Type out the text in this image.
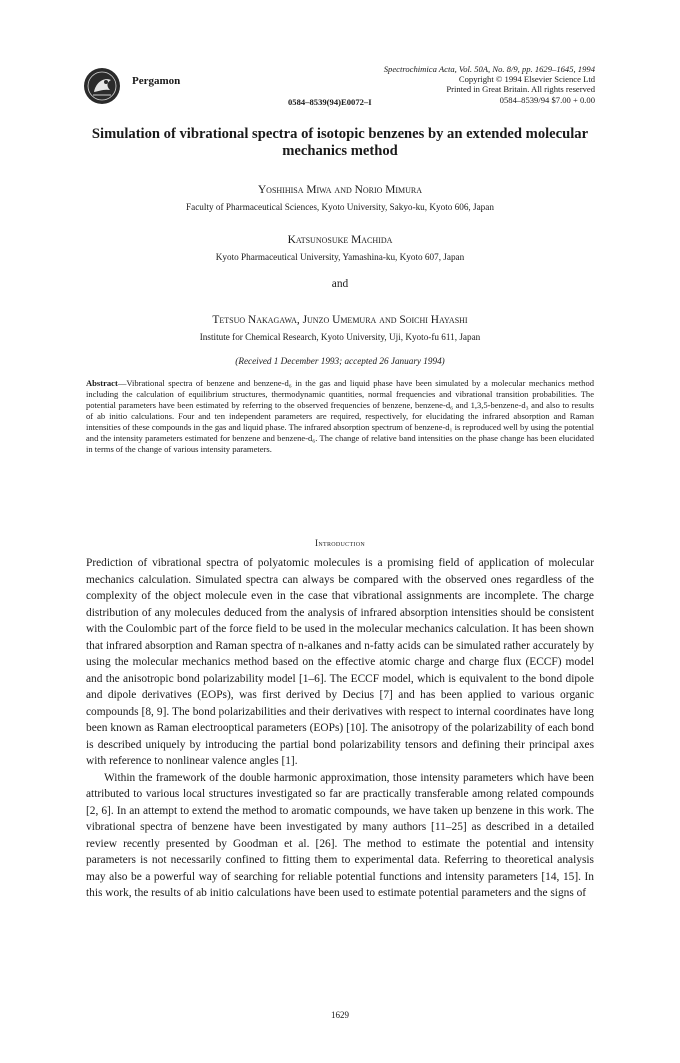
Pergamon
Spectrochimica Acta, Vol. 50A, No. 8/9, pp. 1629–1645, 1994
Copyright © 1994 Elsevier Science Ltd
Printed in Great Britain. All rights reserved
0584–8539/94 $7.00 + 0.00
0584–8539(94)E0072–I
Simulation of vibrational spectra of isotopic benzenes by an extended molecular mechanics method
Yoshihisa Miwa and Norio Mimura
Faculty of Pharmaceutical Sciences, Kyoto University, Sakyo-ku, Kyoto 606, Japan
Katsunosuke Machida
Kyoto Pharmaceutical University, Yamashina-ku, Kyoto 607, Japan
and
Tetsuo Nakagawa, Junzo Umemura and Soichi Hayashi
Institute for Chemical Research, Kyoto University, Uji, Kyoto-fu 611, Japan
(Received 1 December 1993; accepted 26 January 1994)
Abstract—Vibrational spectra of benzene and benzene-d₆ in the gas and liquid phase have been simulated by a molecular mechanics method including the calculation of equilibrium structures, thermodynamic quantities, normal frequencies and vibrational transition probabilities. The potential parameters have been estimated by referring to the observed frequencies of benzene, benzene-d₆ and 1,3,5-benzene-d₃ and also to results of ab initio calculations. Four and ten independent parameters are required, respectively, for elucidating the infrared absorption and Raman intensities of these compounds in the gas and liquid phase. The infrared absorption spectrum of benzene-d₁ is reproduced well by using the potential and the intensity parameters estimated for benzene and benzene-d₆. The change of relative band intensities on the phase change has been elucidated in terms of the change of various intensity parameters.
Introduction

Prediction of vibrational spectra of polyatomic molecules is a promising field of application of molecular mechanics calculation. Simulated spectra can always be compared with the observed ones regardless of the complexity of the object molecule even in the case that vibrational assignments are incomplete. The charge distribution of any molecules deduced from the analysis of infrared absorption intensities should be consistent with the Coulombic part of the force field to be used in the molecular mechanics calculation. It has been shown that infrared absorption and Raman spectra of n-alkanes and n-fatty acids can be simulated rather accurately by using the molecular mechanics method based on the effective atomic charge and charge flux (ECCF) model and the anisotropic bond polarizability model [1–6]. The ECCF model, which is equivalent to the bond dipole and dipole derivatives (EOPs), was first derived by Decius [7] and has been applied to various organic compounds [8, 9]. The bond polarizabilities and their derivatives with respect to internal coordinates have long been known as Raman electrooptical parameters (EOPs) [10]. The anisotropy of the polarizability of each bond is described uniquely by introducing the partial bond polarizability tensors and defining their principal axes with reference to nonlinear valence angles [1].

Within the framework of the double harmonic approximation, those intensity parameters which have been attributed to various local structures investigated so far are practically transferable among related compounds [2, 6]. In an attempt to extend the method to aromatic compounds, we have taken up benzene in this work. The vibrational spectra of benzene have been investigated by many authors [11–25] as described in a detailed review recently presented by Goodman et al. [26]. The method to estimate the potential and intensity parameters is not necessarily confined to fitting them to experimental data. Referring to theoretical analysis may also be a powerful way of searching for reliable potential functions and intensity parameters [14, 15]. In this work, the results of ab initio calculations have been used to estimate potential parameters and the signs of

1629
